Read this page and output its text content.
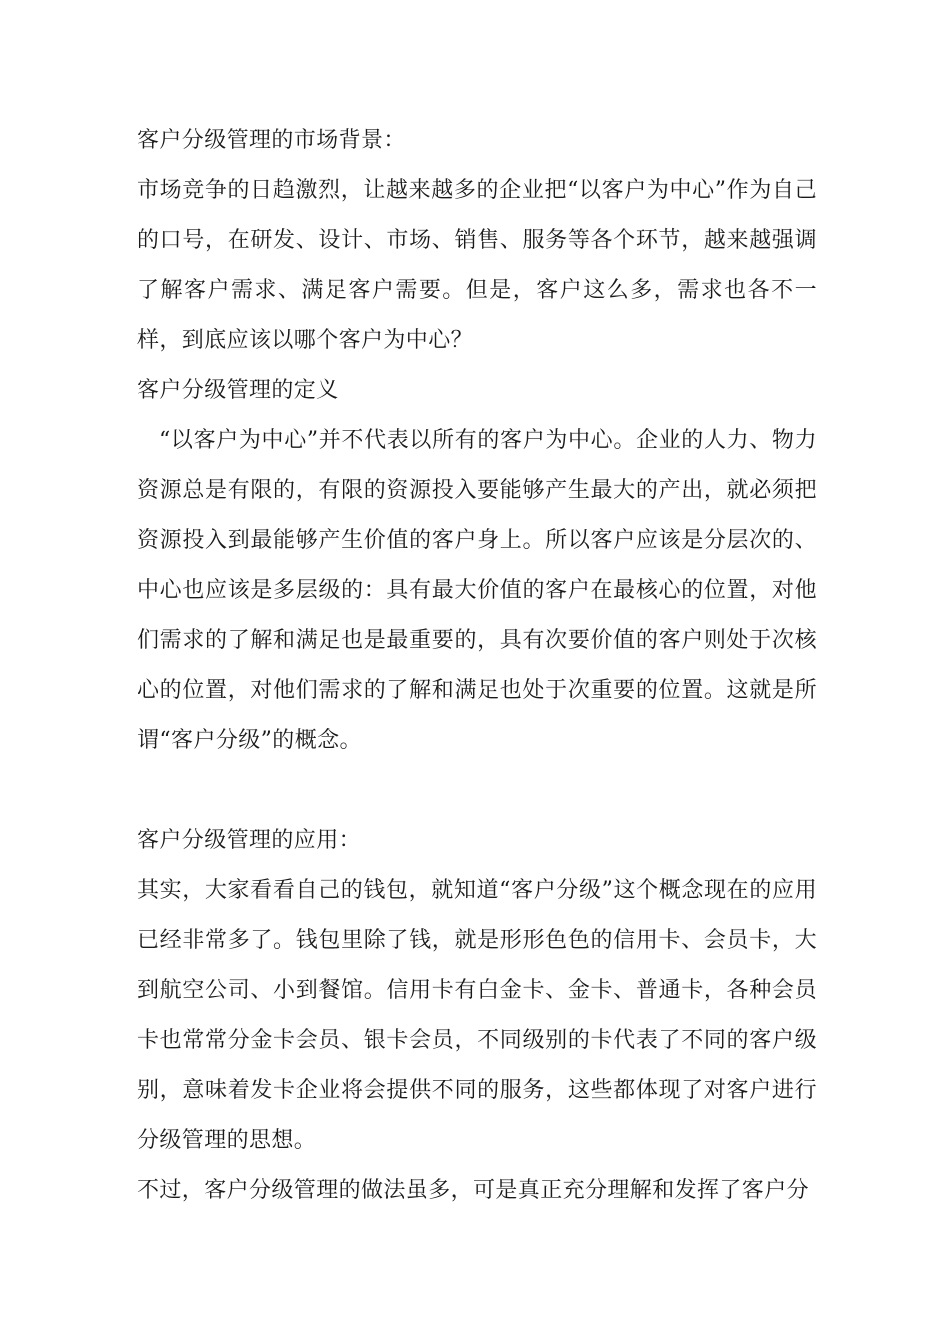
客户分级管理的市场背景：

市场竞争的日趋激烈，让越来越多的企业把“以客户为中心”作为自己的口号，在研发、设计、市场、销售、服务等各个环节，越来越强调了解客户需求、满足客户需要。但是，客户这么多，需求也各不一样，到底应该以哪个客户为中心？

客户分级管理的定义

“以客户为中心”并不代表以所有的客户为中心。企业的人力、物力资源总是有限的，有限的资源投入要能够产生最大的产出，就必须把资源投入到最能够产生价值的客户身上。所以客户应该是分层次的、中心也应该是多层级的：具有最大价值的客户在最核心的位置，对他们需求的了解和满足也是最重要的，具有次要价值的客户则处于次核心的位置，对他们需求的了解和满足也处于次重要的位置。这就是所谓“客户分级”的概念。

客户分级管理的应用：

其实，大家看看自己的钱包，就知道“客户分级”这个概念现在的应用已经非常多了。钱包里除了钱，就是形形色色的信用卡、会员卡，大到航空公司、小到餐馆。信用卡有白金卡、金卡、普通卡，各种会员卡也常常分金卡会员、银卡会员，不同级别的卡代表了不同的客户级别，意味着发卡企业将会提供不同的服务，这些都体现了对客户进行分级管理的思想。

不过，客户分级管理的做法虽多，可是真正充分理解和发挥了客户分
